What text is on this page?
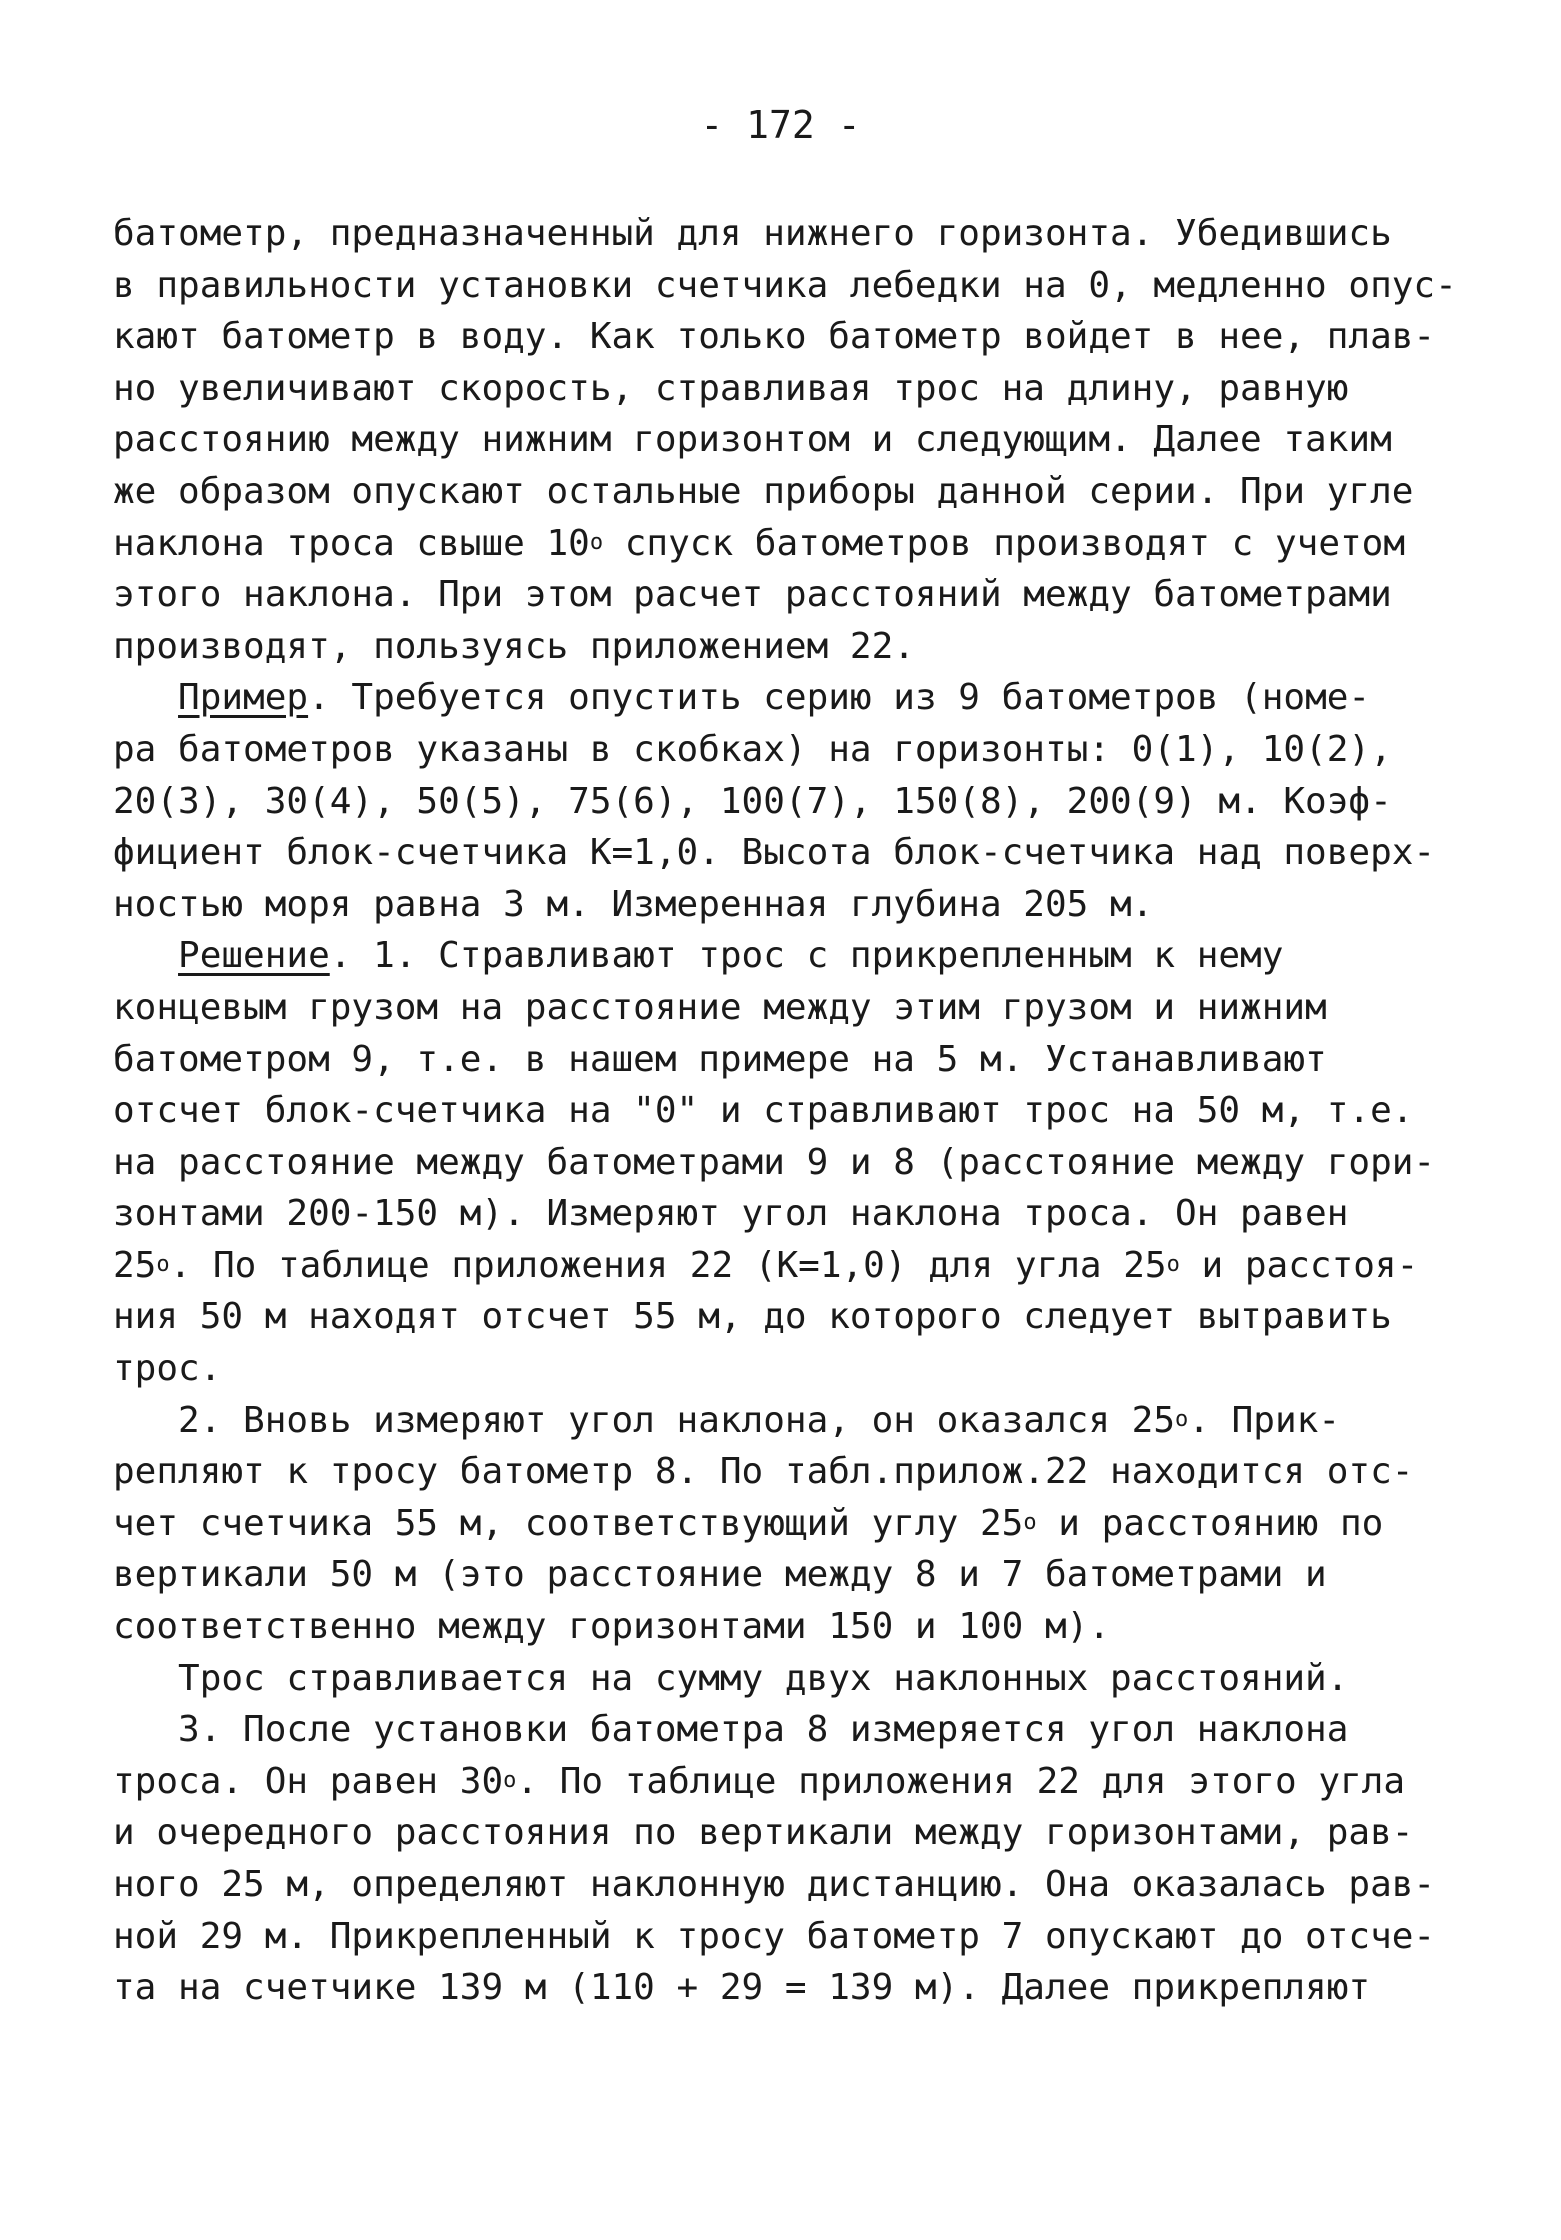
- 172 -
батометр, предназначенный для нижнего горизонта. Убедившись
в правильности установки счетчика лебедки на 0, медленно опус-
кают батометр в воду. Как только батометр войдет в нее, плав-
но увеличивают скорость, стравливая трос на длину, равную
расстоянию между нижним горизонтом и следующим. Далее таким
же образом опускают остальные приборы данной серии. При угле
наклона троса свыше $10^о$ спуск батометров производят с учетом
этого наклона. При этом расчет расстояний между батометрами
производят, пользуясь приложением 22.
Пример. Требуется опустить серию из 9 батометров (номе-
ра батометров указаны в скобках) на горизонты: 0(1), 10(2),
20(3), 30(4), 50(5), 75(6), 100(7), 150(8), 200(9) м. Коэф-
фициент блок-счетчика К=1,0. Высота блок-счетчика над поверх-
ностью моря равна 3 м. Измеренная глубина 205 м.
Решение. 1. Стравливают трос с прикрепленным к нему
концевым грузом на расстояние между этим грузом и нижним
батометром 9, т.е. в нашем примере на 5 м. Устанавливают
отсчет блок-счетчика на "0" и стравливают трос на 50 м, т.е.
на расстояние между батометрами 9 и 8 (расстояние между гори-
зонтами 200-150 м). Измеряют угол наклона троса. Он равен
$25^о$. По таблице приложения 22 (К=1,0) для угла $25^о$ и расстоя-
ния 50 м находят отсчет 55 м, до которого следует вытравить
трос.
2. Вновь измеряют угол наклона, он оказался $25^о$. Прик-
репляют к тросу батометр 8. По табл.прилож.22 находится отс-
чет счетчика 55 м, соответствующий углу $25^о$ и расстоянию по
вертикали 50 м (это расстояние между 8 и 7 батометрами и
соответственно между горизонтами 150 и 100 м).
Трос стравливается на сумму двух наклонных расстояний.
3. После установки батометра 8 измеряется угол наклона
троса. Он равен $30^о$. По таблице приложения 22 для этого угла
и очередного расстояния по вертикали между горизонтами, рав-
ного 25 м, определяют наклонную дистанцию. Она оказалась рав-
ной 29 м. Прикрепленный к тросу батометр 7 опускают до отсче-
та на счетчике 139 м (110 + 29 = 139 м). Далее прикрепляют
